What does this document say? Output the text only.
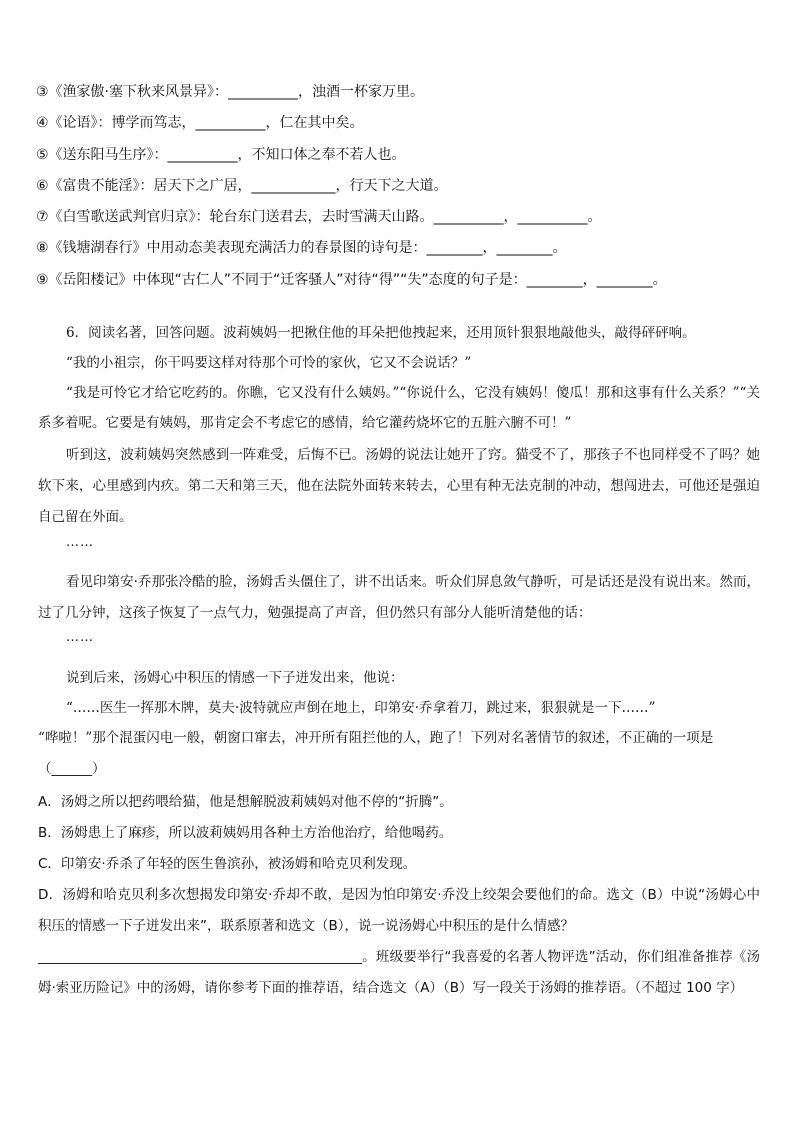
③《渔家傲·塞下秋来风景异》：__________，浊酒一杯家万里。
④《论语》：博学而笃志，__________，仁在其中矣。
⑤《送东阳马生序》：__________，不知口体之奉不若人也。
⑥《富贵不能淫》：居天下之广居，____________，行天下之大道。
⑦《白雪歌送武判官归京》：轮台东门送君去，去时雪满天山路。__________，__________。
⑧《钱塘湖春行》中用动态美表现充满活力的春景图的诗句是：________，________。
⑨《岳阳楼记》中体现“古仁人”不同于“迁客骚人”对待“得”“失”态度的句子是：________，________。
6．阅读名著，回答问题。波莉姨妈一把揪住他的耳朵把他拽起来，还用顶针狠狠地敲他头，敲得砰砰响。
“我的小祖宗，你干吗要这样对待那个可怜的家伙，它又不会说话？”
“我是可怜它才给它吃药的。你瞧，它又没有什么姨妈。”“你说什么，它没有姨妈！傻瓜！那和这事有什么关系？”“关系多着呢。它要是有姨妈，那肯定会不考虑它的感情，给它灌药烧坏它的五脏六腑不可！”
听到这，波莉姨妈突然感到一阵难受，后悔不已。汤姆的说法让她开了窍。猫受不了，那孩子不也同样受不了吗？她软下来，心里感到内疚。第二天和第三天，他在法院外面转来转去，心里有种无法克制的冲动，想闯进去，可他还是强迫自己留在外面。
……
看见印第安·乔那张冷酷的脸，汤姆舌头僵住了，讲不出话来。听众们屏息敛气静听，可是话还是没有说出来。然而，过了几分钟，这孩子恢复了一点气力，勉强提高了声音，但仍然只有部分人能听清楚他的话：
……
说到后来，汤姆心中积压的情感一下子迸发出来，他说：
“……医生一挥那木牌，莫夫·波特就应声倒在地上，印第安·乔拿着刀，跳过来，狠狠就是一下……”
“哗啦！”那个混蛋闪电一般，朝窗口窜去，冲开所有阻拦他的人，跑了！下列对名著情节的叙述，不正确的一项是
（______）
A．汤姆之所以把药喂给猫，他是想解脱波莉姨妈对他不停的“折腾”。
B．汤姆患上了麻疹，所以波莉姨妈用各种土方治他治疗，给他喝药。
C．印第安·乔杀了年轻的医生鲁滨孙，被汤姆和哈克贝利发现。
D．汤姆和哈克贝利多次想揭发印第安·乔却不敢，是因为怕印第安·乔没上绞架会要他们的命。选文（B）中说“汤姆心中积压的情感一下子迸发出来”，联系原著和选文（B），说一说汤姆心中积压的是什么情感？
________________________________________________。班级要举行“我喜爱的名著人物评选”活动，你们组准备推荐《汤姆·索亚历险记》中的汤姆，请你参考下面的推荐语，结合选文（A）（B）写一段关于汤姆的推荐语。（不超过 100 字）
